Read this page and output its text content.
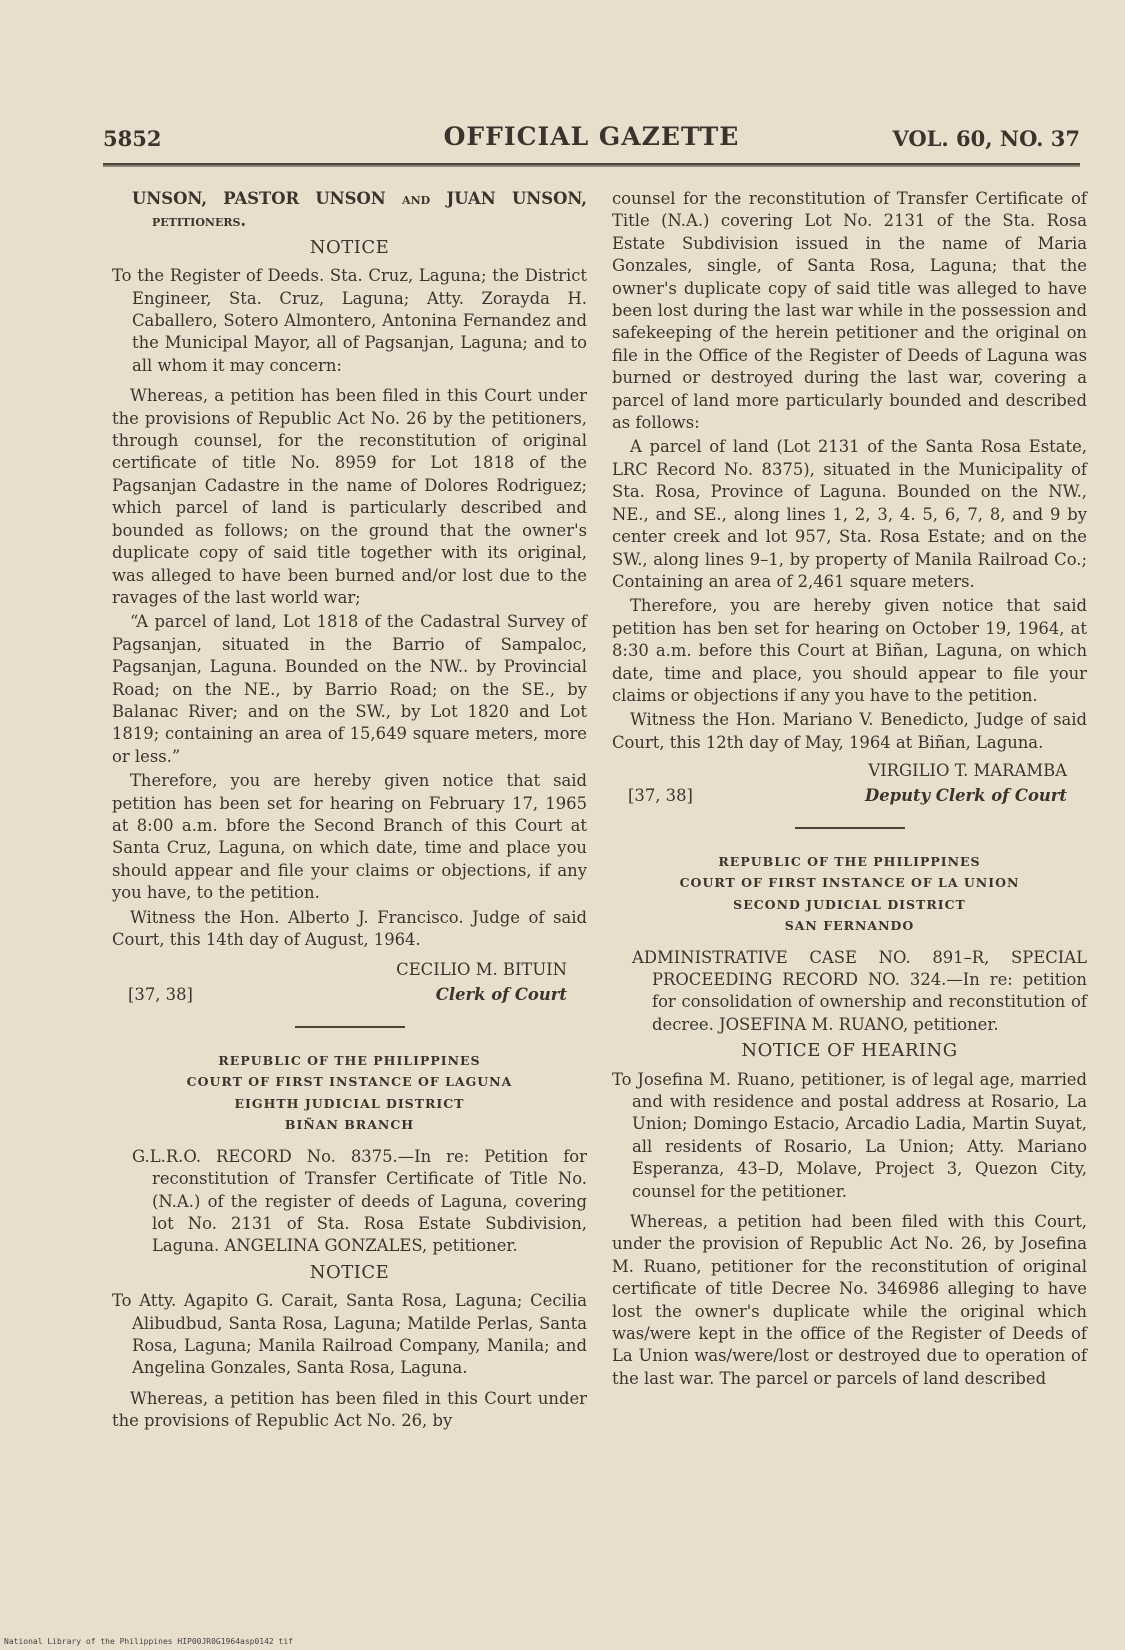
5852	OFFICIAL GAZETTE	VOL. 60, NO. 37

UNSON, PASTOR UNSON and JUAN UNSON, petitioners.

NOTICE

To the Register of Deeds. Sta. Cruz, Laguna; the District Engineer, Sta. Cruz, Laguna; Atty. Zorayda H. Caballero, Sotero Almontero, Antonina Fernandez and the Municipal Mayor, all of Pagsanjan, Laguna; and to all whom it may concern:

Whereas, a petition has been filed in this Court under the provisions of Republic Act No. 26 by the petitioners, through counsel, for the reconstitution of original certificate of title No. 8959 for Lot 1818 of the Pagsanjan Cadastre in the name of Dolores Rodriguez; which parcel of land is particularly described and bounded as follows; on the ground that the owner's duplicate copy of said title together with its original, was alleged to have been burned and/or lost due to the ravages of the last world war;

“A parcel of land, Lot 1818 of the Cadastral Survey of Pagsanjan, situated in the Barrio of Sampaloc, Pagsanjan, Laguna. Bounded on the NW.. by Provincial Road; on the NE., by Barrio Road; on the SE., by Balanac River; and on the SW., by Lot 1820 and Lot 1819; containing an area of 15,649 square meters, more or less.”

Therefore, you are hereby given notice that said petition has been set for hearing on February 17, 1965 at 8:00 a.m. bfore the Second Branch of this Court at Santa Cruz, Laguna, on which date, time and place you should appear and file your claims or objections, if any you have, to the petition.

Witness the Hon. Alberto J. Francisco. Judge of said Court, this 14th day of August, 1964.

CECILIO M. BITUIN

[37, 38]	Clerk of Court
REPUBLIC OF THE PHILIPPINES
COURT OF FIRST INSTANCE OF LAGUNA
EIGHTH JUDICIAL DISTRICT
BIÑAN BRANCH

G.L.R.O. RECORD No. 8375.—In re: Petition for reconstitution of Transfer Certificate of Title No. (N.A.) of the register of deeds of Laguna, covering lot No. 2131 of Sta. Rosa Estate Subdivision, Laguna. ANGELINA GONZALES, petitioner.

NOTICE

To Atty. Agapito G. Carait, Santa Rosa, Laguna; Cecilia Alibudbud, Santa Rosa, Laguna; Matilde Perlas, Santa Rosa, Laguna; Manila Railroad Company, Manila; and Angelina Gonzales, Santa Rosa, Laguna.

Whereas, a petition has been filed in this Court under the provisions of Republic Act No. 26, by

counsel for the reconstitution of Transfer Certificate of Title (N.A.) covering Lot No. 2131 of the Sta. Rosa Estate Subdivision issued in the name of Maria Gonzales, single, of Santa Rosa, Laguna; that the owner's duplicate copy of said title was alleged to have been lost during the last war while in the possession and safekeeping of the herein petitioner and the original on file in the Office of the Register of Deeds of Laguna was burned or destroyed during the last war, covering a parcel of land more particularly bounded and described as follows:

A parcel of land (Lot 2131 of the Santa Rosa Estate, LRC Record No. 8375), situated in the Municipality of Sta. Rosa, Province of Laguna. Bounded on the NW., NE., and SE., along lines 1, 2, 3, 4. 5, 6, 7, 8, and 9 by center creek and lot 957, Sta. Rosa Estate; and on the SW., along lines 9–1, by property of Manila Railroad Co.; Containing an area of 2,461 square meters.

Therefore, you are hereby given notice that said petition has ben set for hearing on October 19, 1964, at 8:30 a.m. before this Court at Biñan, Laguna, on which date, time and place, you should appear to file your claims or objections if any you have to the petition.

Witness the Hon. Mariano V. Benedicto, Judge of said Court, this 12th day of May, 1964 at Biñan, Laguna.

VIRGILIO T. MARAMBA

[37, 38]	Deputy Clerk of Court
REPUBLIC OF THE PHILIPPINES
COURT OF FIRST INSTANCE OF LA UNION
SECOND JUDICIAL DISTRICT
SAN FERNANDO

ADMINISTRATIVE CASE NO. 891–R, SPECIAL PROCEEDING RECORD NO. 324.—In re: petition for consolidation of ownership and reconstitution of decree. JOSEFINA M. RUANO, petitioner.

NOTICE OF HEARING

To Josefina M. Ruano, petitioner, is of legal age, married and with residence and postal address at Rosario, La Union; Domingo Estacio, Arcadio Ladia, Martin Suyat, all residents of Rosario, La Union; Atty. Mariano Esperanza, 43–D, Molave, Project 3, Quezon City, counsel for the petitioner.

Whereas, a petition had been filed with this Court, under the provision of Republic Act No. 26, by Josefina M. Ruano, petitioner for the reconstitution of original certificate of title Decree No. 346986 alleging to have lost the owner's duplicate while the original which was/were kept in the office of the Register of Deeds of La Union was/were/lost or destroyed due to operation of the last war. The parcel or parcels of land described

National Library of the Philippines HIP00JR0G1964asp0142 tif
